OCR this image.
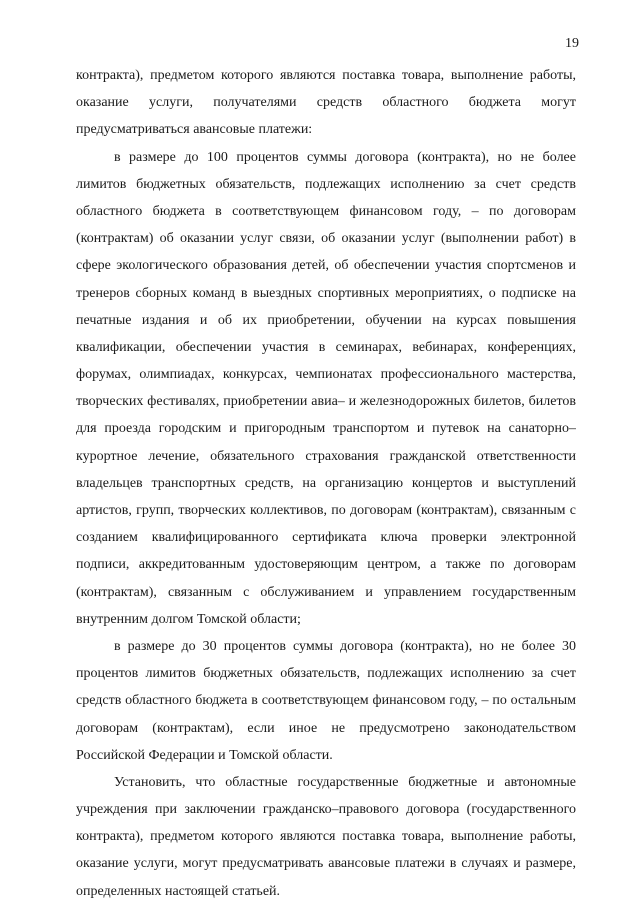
19
контракта), предметом которого являются поставка товара, выполнение работы,
оказание услуги, получателями средств областного бюджета могут
предусматриваться авансовые платежи:
в размере до 100 процентов суммы договора (контракта), но не более
лимитов бюджетных обязательств, подлежащих исполнению за счет средств
областного бюджета в соответствующем финансовом году, – по договорам
(контрактам) об оказании услуг связи, об оказании услуг (выполнении работ) в
сфере экологического образования детей, об обеспечении участия спортсменов и
тренеров сборных команд в выездных спортивных мероприятиях, о подписке на
печатные издания и об их приобретении, обучении на курсах повышения
квалификации, обеспечении участия в семинарах, вебинарах, конференциях,
форумах, олимпиадах, конкурсах, чемпионатах профессионального мастерства,
творческих фестивалях, приобретении авиа– и железнодорожных билетов, билетов
для проезда городским и пригородным транспортом и путевок на санаторно–
курортное лечение, обязательного страхования гражданской ответственности
владельцев транспортных средств, на организацию концертов и выступлений
артистов, групп, творческих коллективов, по договорам (контрактам), связанным с
созданием квалифицированного сертификата ключа проверки электронной
подписи, аккредитованным удостоверяющим центром, а также по договорам
(контрактам), связанным с обслуживанием и управлением государственным
внутренним долгом Томской области;
в размере до 30 процентов суммы договора (контракта), но не более 30
процентов лимитов бюджетных обязательств, подлежащих исполнению за счет
средств областного бюджета в соответствующем финансовом году, – по остальным
договорам (контрактам), если иное не предусмотрено законодательством
Российской Федерации и Томской области.
Установить, что областные государственные бюджетные и автономные
учреждения при заключении гражданско–правового договора (государственного
контракта), предметом которого являются поставка товара, выполнение работы,
оказание услуги, могут предусматривать авансовые платежи в случаях и размере,
определенных настоящей статьей.
